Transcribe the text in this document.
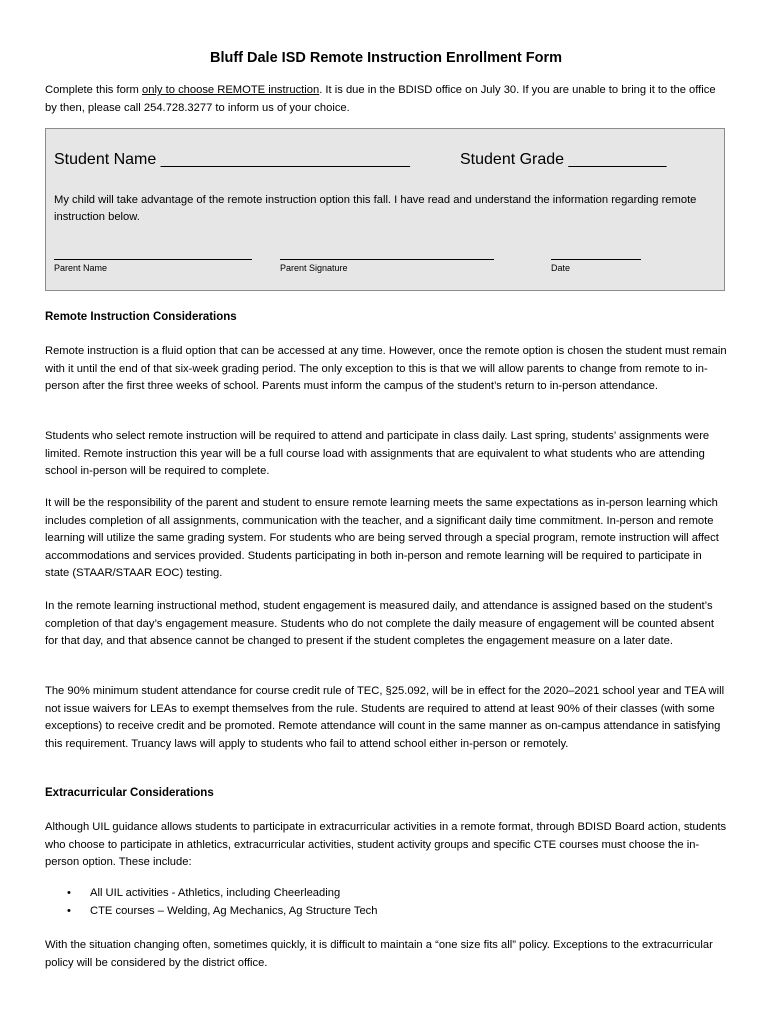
Bluff Dale ISD Remote Instruction Enrollment Form

Complete this form only to choose REMOTE instruction. It is due in the BDISD office on July 30. If you are unable to bring it to the office by then, please call 254.728.3277 to inform us of your choice.

Student Name ____________________________	Student Grade ___________

My child will take advantage of the remote instruction option this fall. I have read and understand the information regarding remote instruction below.

Parent Name	Parent Signature	Date
Remote Instruction Considerations

Remote instruction is a fluid option that can be accessed at any time. However, once the remote option is chosen the student must remain with it until the end of that six-week grading period. The only exception to this is that we will allow parents to change from remote to in-person after the first three weeks of school. Parents must inform the campus of the student’s return to in-person attendance.

Students who select remote instruction will be required to attend and participate in class daily. Last spring, students’ assignments were limited. Remote instruction this year will be a full course load with assignments that are equivalent to what students who are attending school in-person will be required to complete.

It will be the responsibility of the parent and student to ensure remote learning meets the same expectations as in-person learning which includes completion of all assignments, communication with the teacher, and a significant daily time commitment. In-person and remote learning will utilize the same grading system. For students who are being served through a special program, remote instruction will affect accommodations and services provided. Students participating in both in-person and remote learning will be required to participate in state (STAAR/STAAR EOC) testing.

In the remote learning instructional method, student engagement is measured daily, and attendance is assigned based on the student’s completion of that day’s engagement measure. Students who do not complete the daily measure of engagement will be counted absent for that day, and that absence cannot be changed to present if the student completes the engagement measure on a later date.

The 90% minimum student attendance for course credit rule of TEC, §25.092, will be in effect for the 2020–2021 school year and TEA will not issue waivers for LEAs to exempt themselves from the rule. Students are required to attend at least 90% of their classes (with some exceptions) to receive credit and be promoted. Remote attendance will count in the same manner as on-campus attendance in satisfying this requirement. Truancy laws will apply to students who fail to attend school either in-person or remotely.

Extracurricular Considerations

Although UIL guidance allows students to participate in extracurricular activities in a remote format, through BDISD Board action, students who choose to participate in athletics, extracurricular activities, student activity groups and specific CTE courses must choose the in-person option. These include:

• All UIL activities - Athletics, including Cheerleading
• CTE courses – Welding, Ag Mechanics, Ag Structure Tech

With the situation changing often, sometimes quickly, it is difficult to maintain a “one size fits all” policy. Exceptions to the extracurricular policy will be considered by the district office.
